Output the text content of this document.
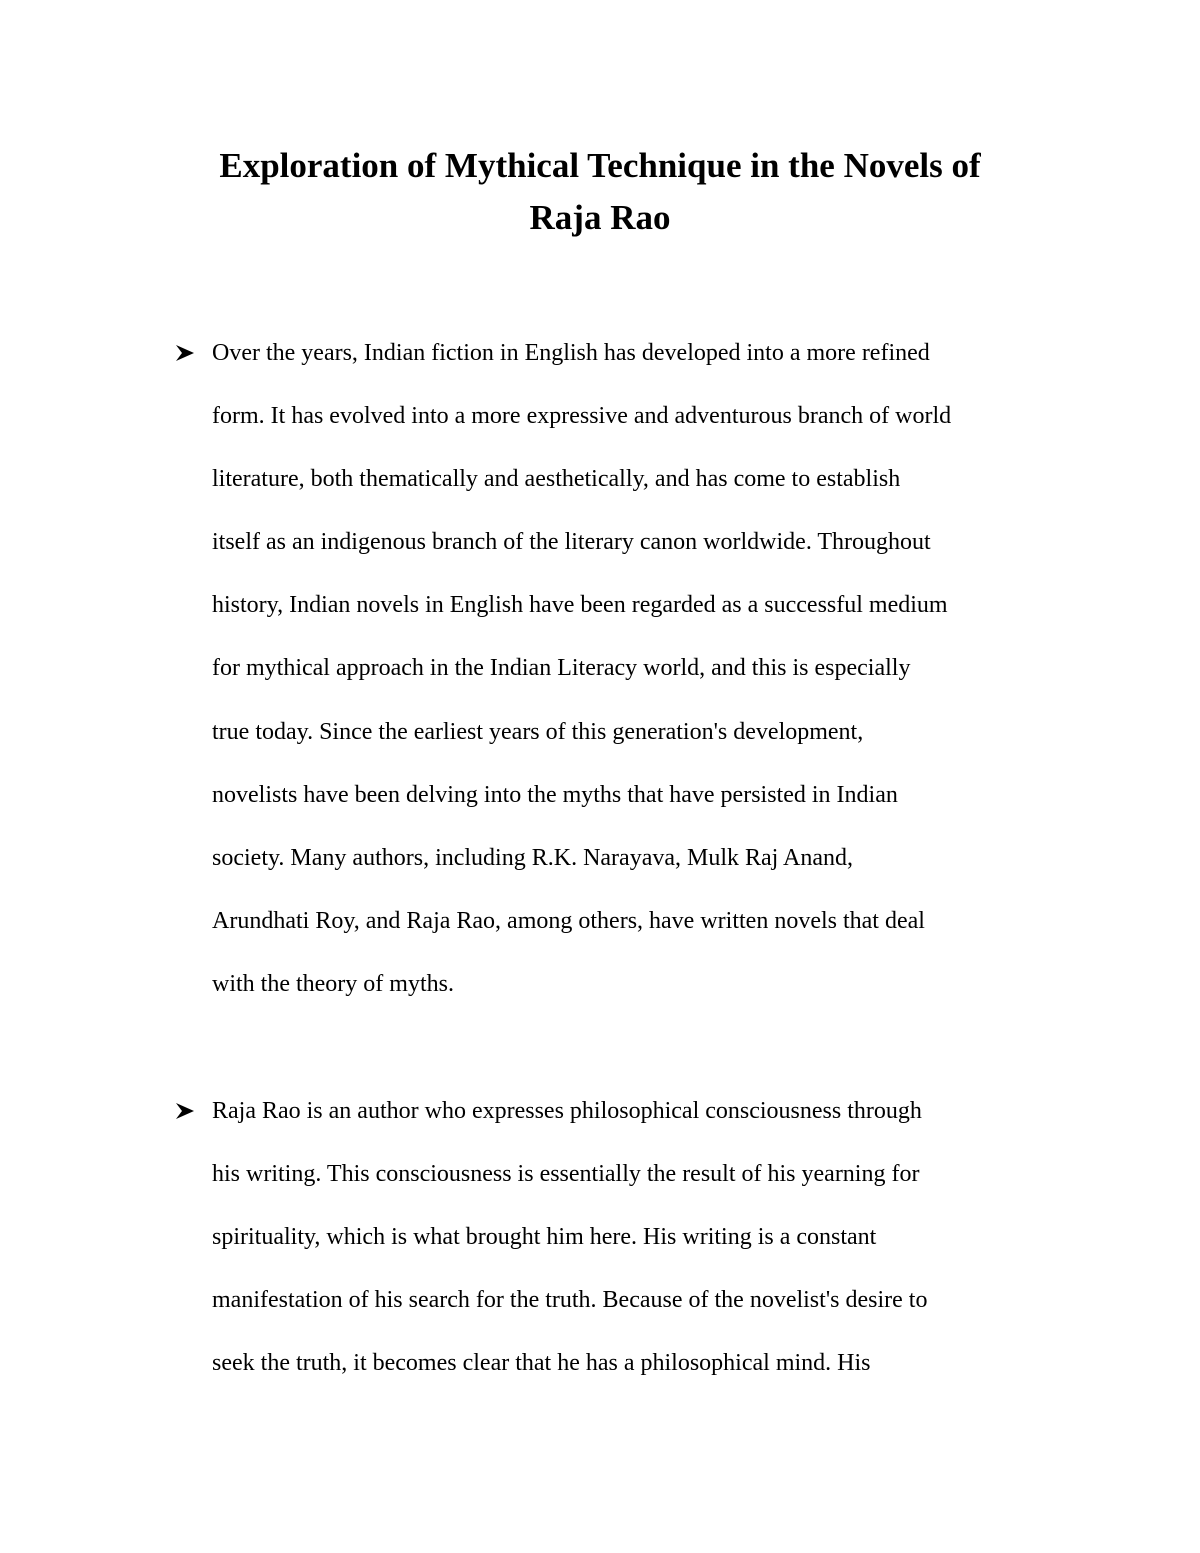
Exploration of Mythical Technique in the Novels of
Raja Rao
Over the years, Indian fiction in English has developed into a more refined
form. It has evolved into a more expressive and adventurous branch of world
literature, both thematically and aesthetically, and has come to establish
itself as an indigenous branch of the literary canon worldwide. Throughout
history, Indian novels in English have been regarded as a successful medium
for mythical approach in the Indian Literacy world, and this is especially
true today. Since the earliest years of this generation's development,
novelists have been delving into the myths that have persisted in Indian
society. Many authors, including R.K. Narayava, Mulk Raj Anand,
Arundhati Roy, and Raja Rao, among others, have written novels that deal
with the theory of myths.
Raja Rao is an author who expresses philosophical consciousness through
his writing. This consciousness is essentially the result of his yearning for
spirituality, which is what brought him here. His writing is a constant
manifestation of his search for the truth. Because of the novelist's desire to
seek the truth, it becomes clear that he has a philosophical mind. His
